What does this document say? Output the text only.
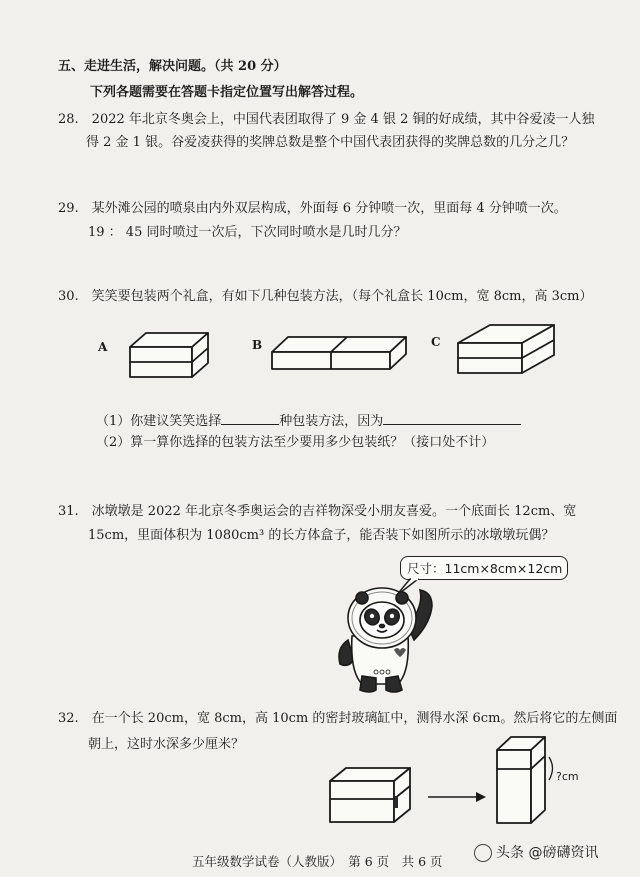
五、走进生活，解决问题。（共 20 分）
下列各题需要在答题卡指定位置写出解答过程。
28.　2022 年北京冬奥会上，中国代表团取得了 9 金 4 银 2 铜的好成绩，其中谷爱凌一人独
得 2 金 1 银。谷爱凌获得的奖牌总数是整个中国代表团获得的奖牌总数的几分之几？
29.　某外滩公园的喷泉由内外双层构成，外面每 6 分钟喷一次，里面每 4 分钟喷一次。
19 ： 45 同时喷过一次后，下次同时喷水是几时几分？
30.　笑笑要包装两个礼盒，有如下几种包装方法，（每个礼盒长 10cm，宽 8cm，高 3cm）
A	B	C
（1）你建议笑笑选择	种包装方法，因为
（2）算一算你选择的包装方法至少要用多少包装纸？（接口处不计）
31.　冰墩墩是 2022 年北京冬季奥运会的吉祥物深受小朋友喜爱。一个底面长 12cm、宽
15cm，里面体积为 1080cm³ 的长方体盒子，能否装下如图所示的冰墩墩玩偶？
尺寸：11cm×8cm×12cm
32.　在一个长 20cm，宽 8cm，高 10cm 的密封玻璃缸中，测得水深 6cm。然后将它的左侧面
朝上，这时水深多少厘米？
?cm
五年级数学试卷（人教版）　第 6 页　共 6 页
头条 @磅礴资讯
